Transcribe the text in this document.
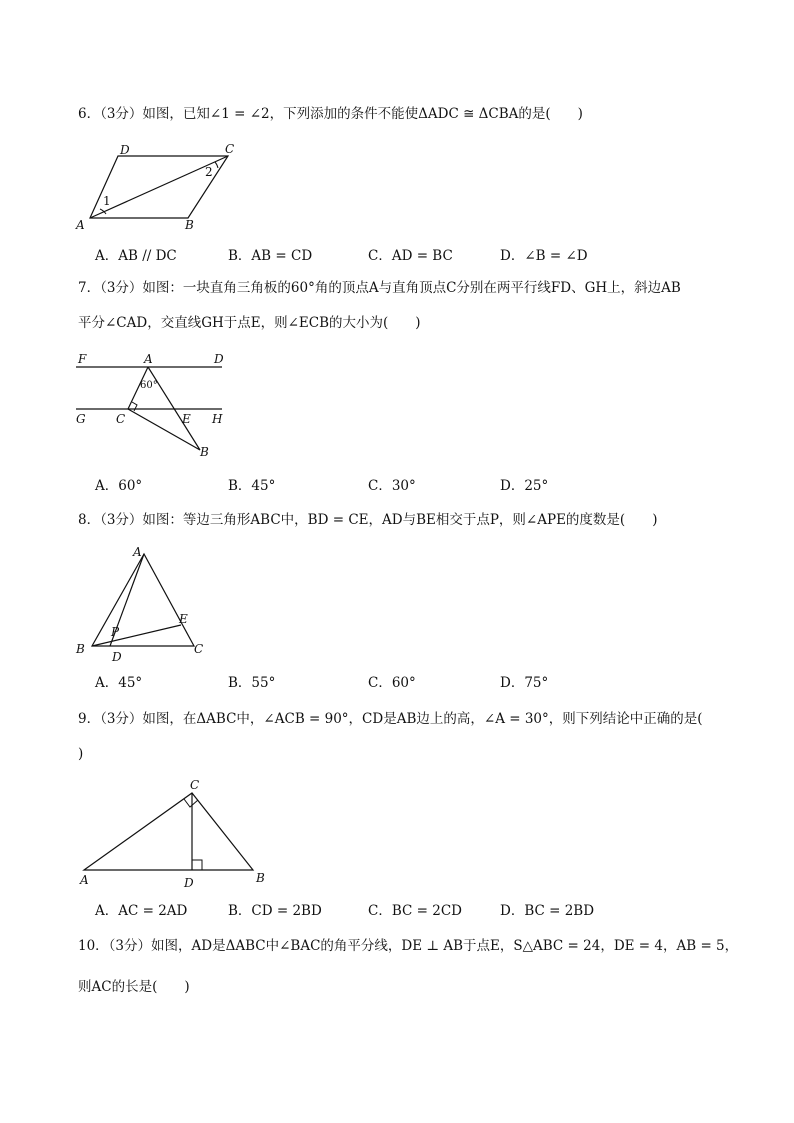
6．（3分）如图，已知∠1 = ∠2，下列添加的条件不能使ΔADC ≅ ΔCBA的是(　　)
D	C
A	B
1
2
A．AB // DC	B．AB = CD	C．AD = BC	D．∠B = ∠D
7．（3分）如图：一块直角三角板的60°角的顶点A与直角顶点C分别在两平行线FD、GH上，斜边AB
平分∠CAD，交直线GH于点E，则∠ECB的大小为(　　)
F	A	D
60°
G	C	E H
B
A．60°	B．45°	C．30°	D．25°
8．（3分）如图：等边三角形ABC中，BD = CE，AD与BE相交于点P，则∠APE的度数是(　　)
A
E
P
B
D
C
A．45°	B．55°	C．60°	D．75°
9．（3分）如图，在ΔABC中，∠ACB = 90°，CD是AB边上的高，∠A = 30°，则下列结论中正确的是(
)
C
A	D	B
A．AC = 2AD	B．CD = 2BD	C．BC = 2CD	D．BC = 2BD
10．（3分）如图，AD是ΔABC中∠BAC的角平分线，DE ⊥ AB于点E，S△ABC = 24，DE = 4，AB = 5，
则AC的长是(　　)
